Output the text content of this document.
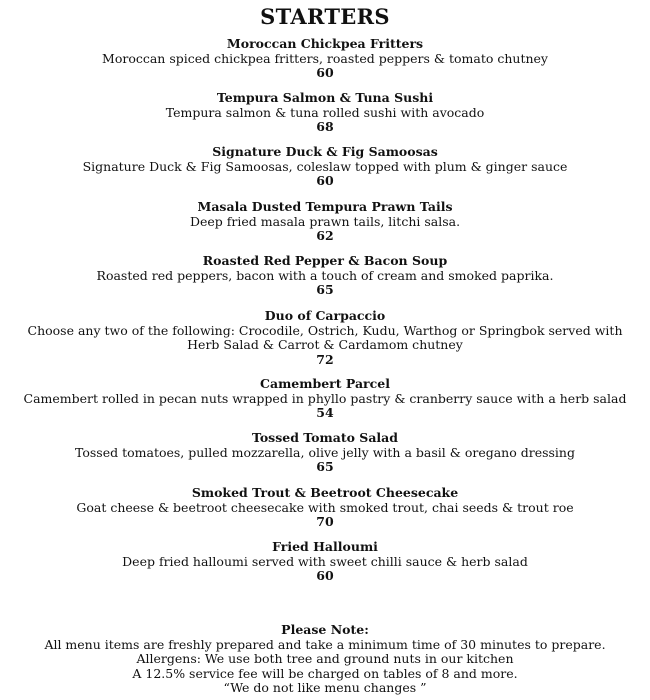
STARTERS
Moroccan Chickpea Fritters
Moroccan spiced chickpea fritters, roasted peppers & tomato chutney
60
Tempura Salmon & Tuna Sushi
Tempura salmon & tuna rolled sushi with avocado
68
Signature Duck & Fig Samoosas
Signature Duck & Fig Samoosas, coleslaw topped with plum & ginger sauce
60
Masala Dusted Tempura Prawn Tails
Deep fried masala prawn tails, litchi salsa.
62
Roasted Red Pepper & Bacon Soup
Roasted red peppers, bacon with a touch of cream and smoked paprika.
65
Duo of Carpaccio
Choose any two of the following: Crocodile, Ostrich, Kudu, Warthog or Springbok served with
Herb Salad & Carrot & Cardamom chutney
72
Camembert Parcel
Camembert rolled in pecan nuts wrapped in phyllo pastry & cranberry sauce with a herb salad
54
Tossed Tomato Salad
Tossed tomatoes, pulled mozzarella, olive jelly with a basil & oregano dressing
65
Smoked Trout & Beetroot Cheesecake
Goat cheese & beetroot cheesecake with smoked trout, chai seeds & trout roe
70
Fried Halloumi
Deep fried halloumi served with sweet chilli sauce & herb salad
60
Please Note:
All menu items are freshly prepared and take a minimum time of 30 minutes to prepare.
Allergens: We use both tree and ground nuts in our kitchen
A 12.5% service fee will be charged on tables of 8 and more.
“We do not like menu changes ”
